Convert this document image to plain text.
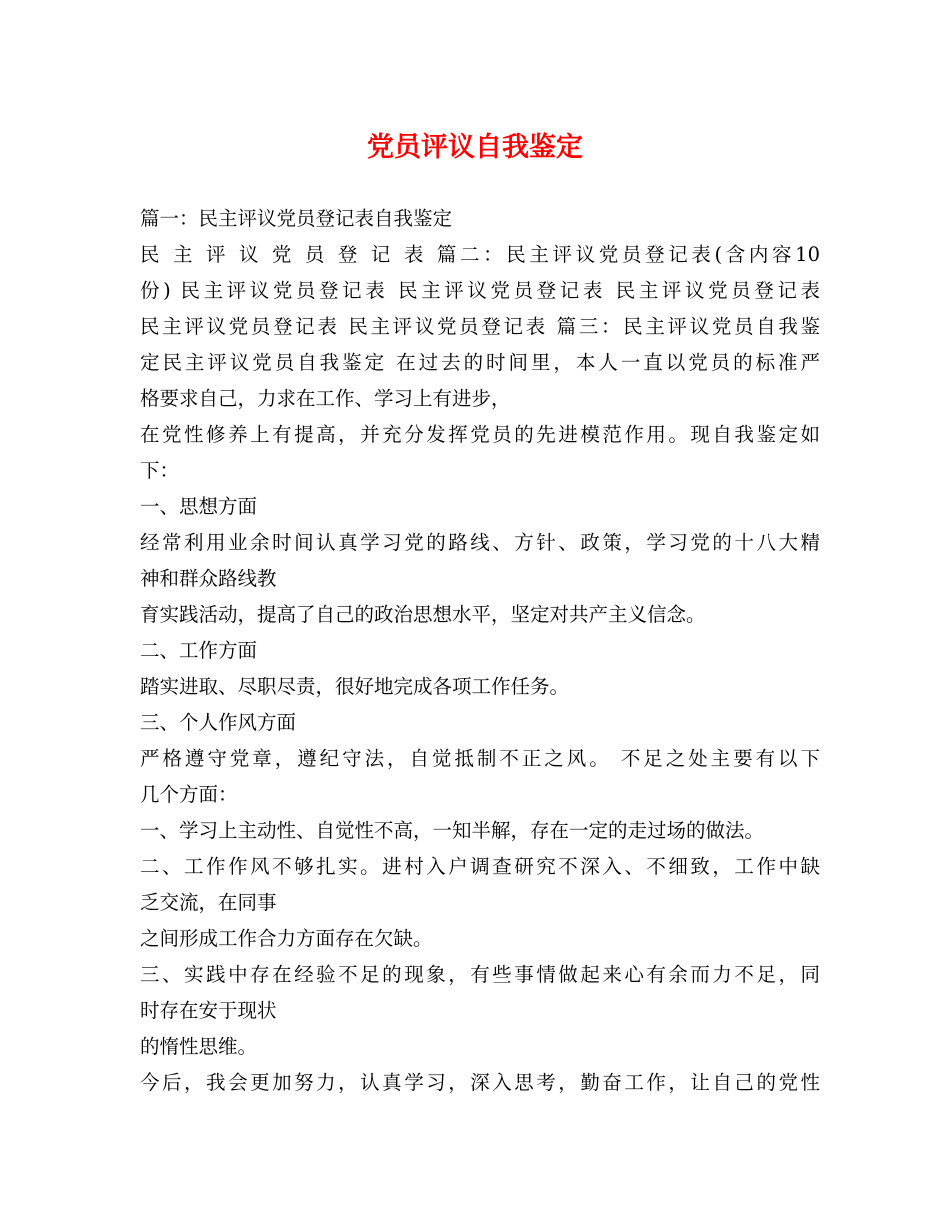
党员评议自我鉴定
篇一：民主评议党员登记表自我鉴定
民 主 评 议 党 员 登 记 表 篇二：民主评议党员登记表(含内容10
份) 民主评议党员登记表 民主评议党员登记表 民主评议党员登记表
民主评议党员登记表 民主评议党员登记表 篇三：民主评议党员自我鉴
定民主评议党员自我鉴定 在过去的时间里，本人一直以党员的标准严
格要求自己，力求在工作、学习上有进步，
在党性修养上有提高，并充分发挥党员的先进模范作用。现自我鉴定如
下：
一、思想方面
经常利用业余时间认真学习党的路线、方针、政策，学习党的十八大精
神和群众路线教
育实践活动，提高了自己的政治思想水平，坚定对共产主义信念。
二、工作方面
踏实进取、尽职尽责，很好地完成各项工作任务。
三、个人作风方面
严格遵守党章，遵纪守法，自觉抵制不正之风。 不足之处主要有以下
几个方面：
一、学习上主动性、自觉性不高，一知半解，存在一定的走过场的做法。
二、工作作风不够扎实。进村入户调查研究不深入、不细致，工作中缺
乏交流，在同事
之间形成工作合力方面存在欠缺。
三、实践中存在经验不足的现象，有些事情做起来心有余而力不足，同
时存在安于现状
的惰性思维。
今后，我会更加努力，认真学习，深入思考，勤奋工作，让自己的党性
